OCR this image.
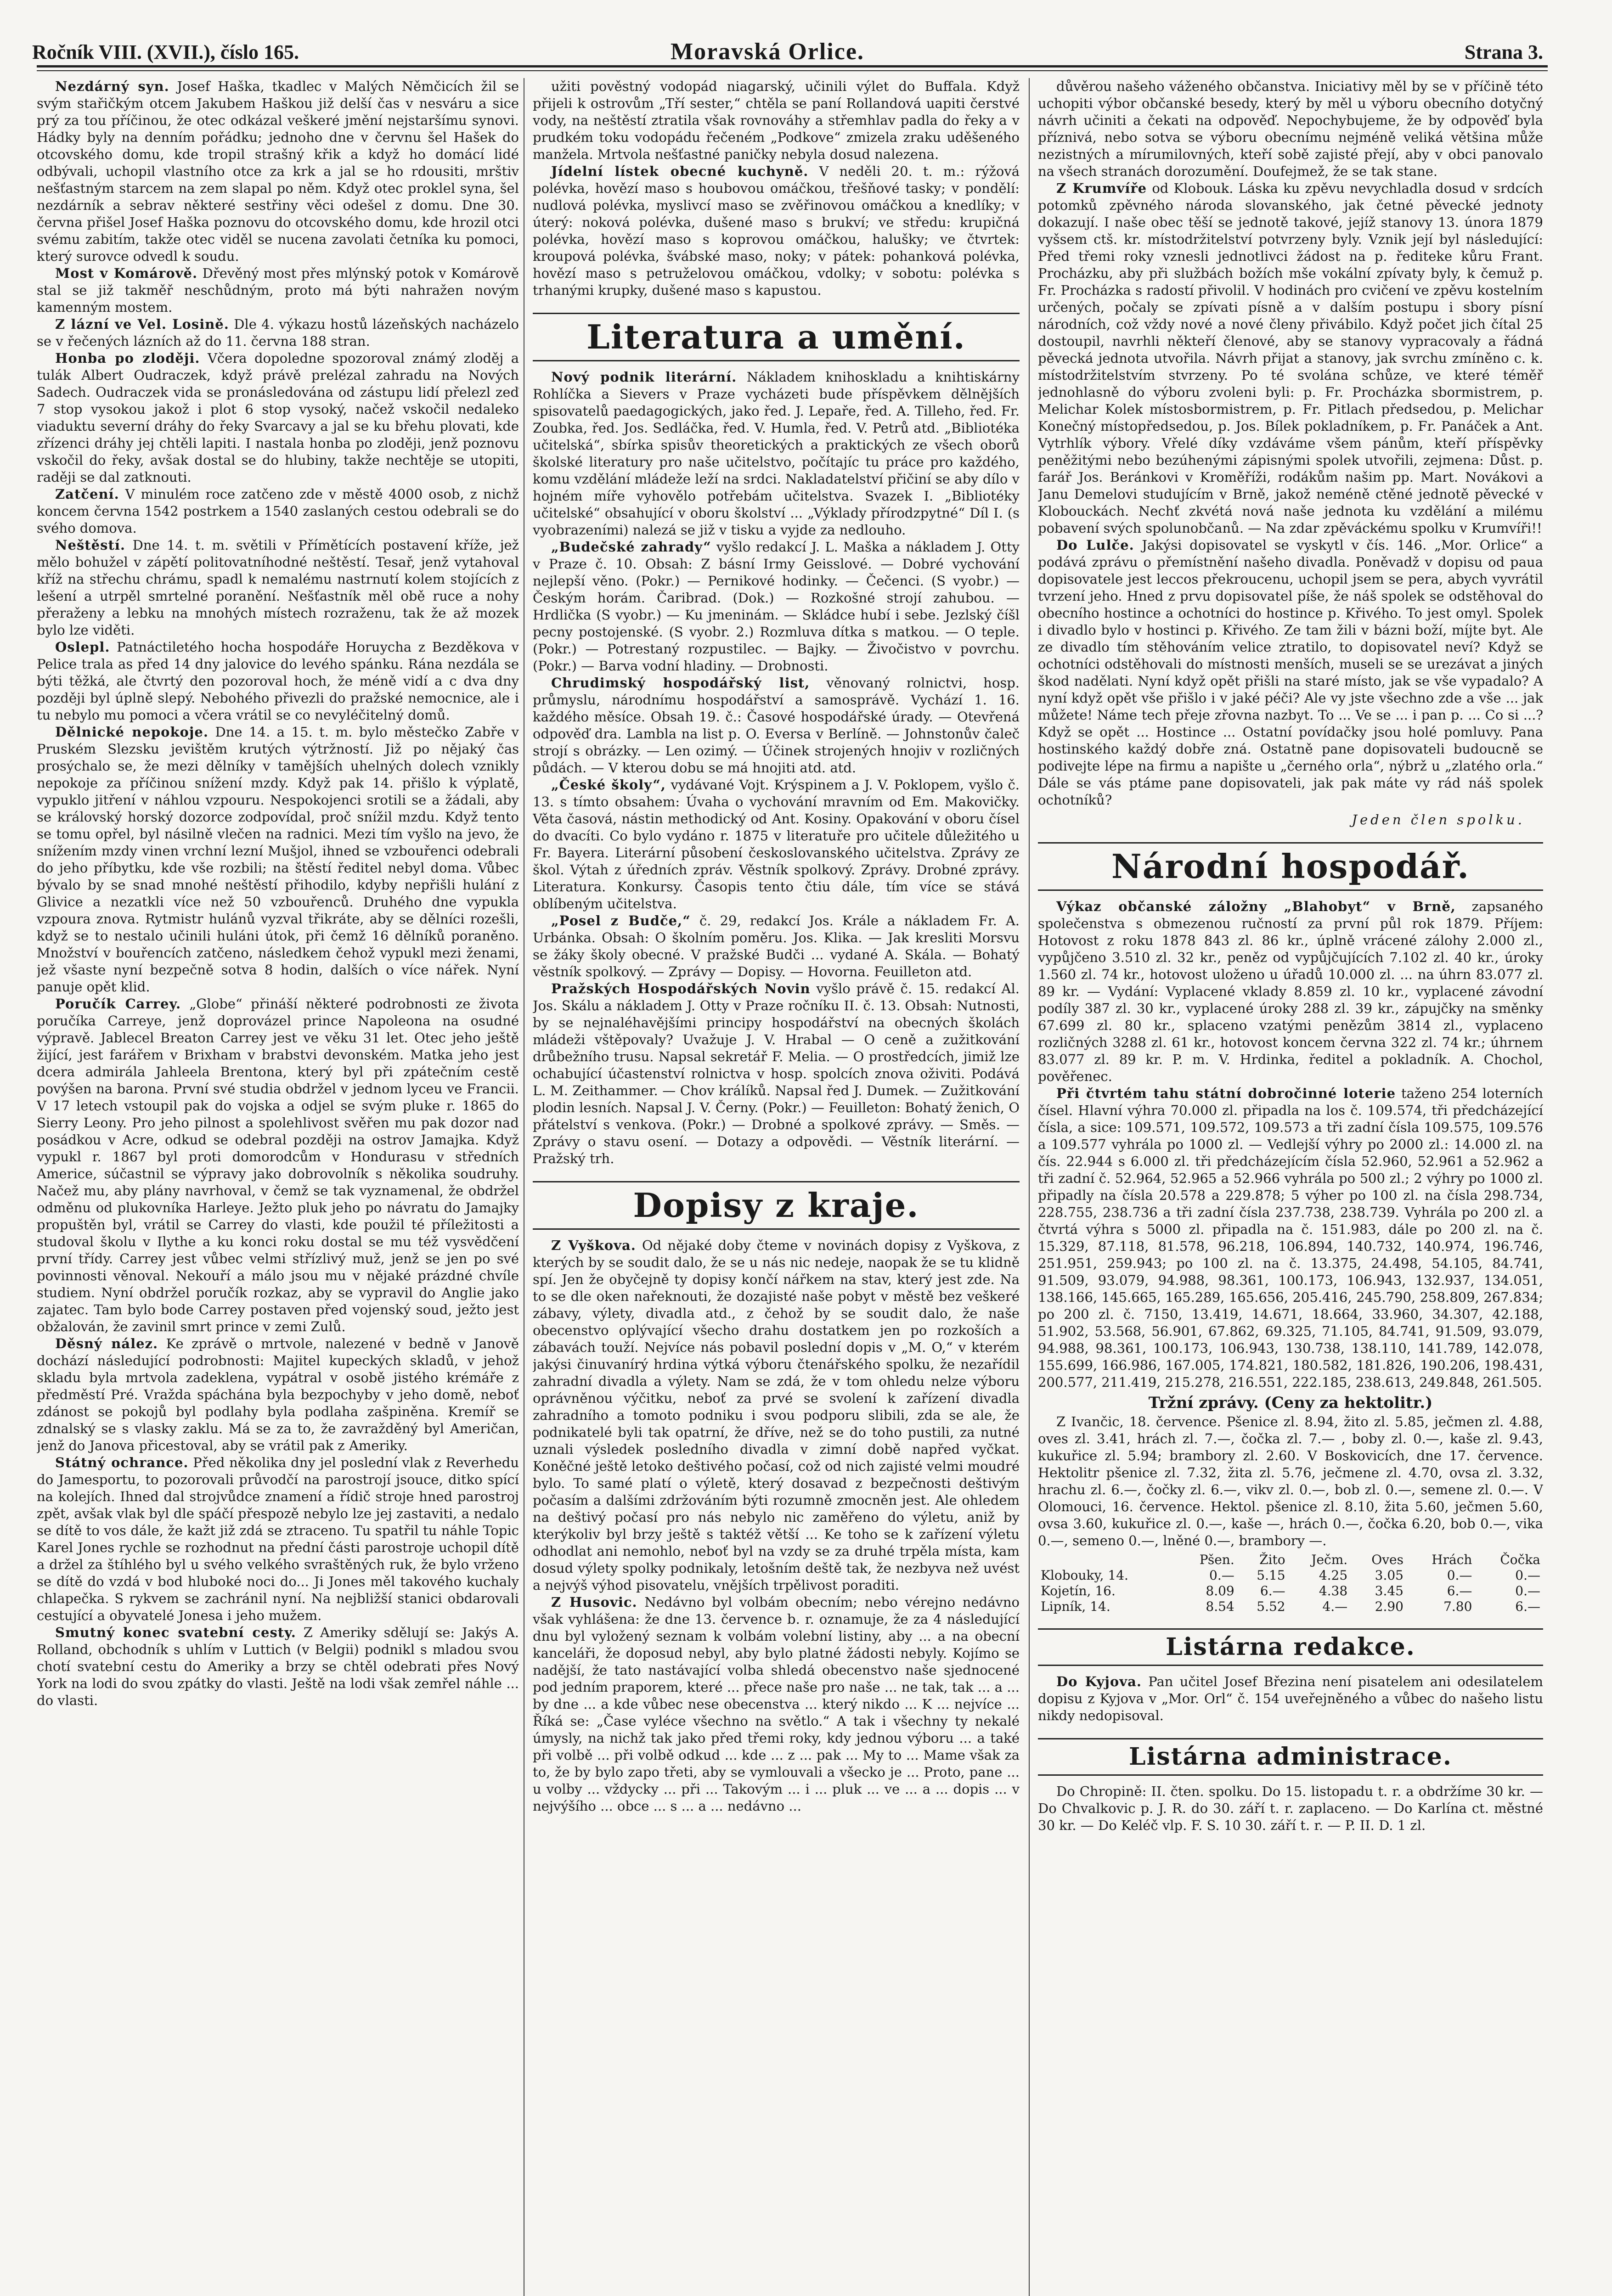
Ročník VIII. (XVII.), číslo 165.	Moravská Orlice.	Strana 3.

Nezdárný syn. Josef Haška, tkadlec v Malých Němčicích žil se svým stařičkým otcem Jakubem Haškou již delší čas v nesváru a sice prý za tou příčinou, že otec odkázal veškeré jmění nejstaršímu synovi. Hádky byly na denním pořádku; jednoho dne v červnu šel Hašek do otcovského domu, kde tropil strašný křik a když ho domácí lidé odbývali, uchopil vlastního otce za krk a jal se ho rdousiti, mrštiv nešťastným starcem na zem slapal po něm. Když otec proklel syna, šel nezdárník a sebrav některé sestřiny věci odešel z domu. Dne 30. června přišel Josef Haška poznovu do otcovského domu, kde hrozil otci svému zabitím, takže otec viděl se nucena zavolati četníka ku pomoci, který surovce odvedl k soudu.

Most v Komárově. Dřevěný most přes mlýnský potok v Komárově stal se již takměř neschůdným, proto má býti nahražen novým kamenným mostem.

Z lázní ve Vel. Losině. Dle 4. výkazu hostů lázeňských nacházelo se v řečených lázních až do 11. června 188 stran.

Honba po zloději. Včera dopoledne spozoroval známý zloděj a tulák Albert Oudraczek, když právě prelézal zahradu na Nových Sadech. Oudraczek vida se pronásledována od zástupu lidí přelezl zeď 7 stop vysokou jakož i plot 6 stop vysoký, načež vskočil nedaleko viaduktu severní dráhy do řeky Svarcavy a jal se ku břehu plovati, kde zřízenci dráhy jej chtěli lapiti. I nastala honba po zloději, jenž poznovu vskočil do řeky, avšak dostal se do hlubiny, takže nechtěje se utopiti, raději se dal zatknouti.

Zatčení. V minulém roce zatčeno zde v městě 4000 osob, z nichž koncem června 1542 postrkem a 1540 zaslaných cestou odebrali se do svého domova.

Neštěstí. Dne 14. t. m. světili v Přímětících postavení kříže, jež mělo bohužel v zápětí politovatníhodné neštěstí. Tesař, jenž vytahoval kříž na střechu chrámu, spadl k nemalému nastrnutí kolem stojících z lešení a utrpěl smrtelné poranění. Nešťastník měl obě ruce a nohy přeraženy a lebku na mnohých místech rozraženu, tak že až mozek bylo lze viděti.

Oslepl. Patnáctiletého hocha hospodáře Horuycha z Bezděkova v Pelice trala as před 14 dny jalovice do levého spánku. Rána nezdála se býti těžká, ale čtvrtý den pozoroval hoch, že méně vidí a c dva dny později byl úplně slepý. Nebohého přivezli do pražské nemocnice, ale i tu nebylo mu pomoci a včera vrátil se co nevyléčitelný domů.

Dělnické nepokoje. Dne 14. a 15. t. m. bylo městečko Zabře v Pruském Slezsku jevištěm krutých výtržností. Již po nějaký čas prosýchalo se, že mezi dělníky v tamějších uhelných dolech vznikly nepokoje za příčinou snížení mzdy. Když pak 14. přišlo k výplatě, vypuklo jitření v náhlou vzpouru. Nespokojenci srotili se a žádali, aby se královský horský dozorce zodpovídal, proč snížil mzdu. Když tento se tomu opřel, byl násilně vlečen na radnici. Mezi tím vyšlo na jevo, že snížením mzdy vinen vrchní lezní Mušjol, ihned se vzbouřenci odebrali do jeho příbytku, kde vše rozbili; na štěstí ředitel nebyl doma. Vůbec bývalo by se snad mnohé neštěstí přihodilo, kdyby nepřišli hulání z Glivice a nezatkli více než 50 vzbouřenců. Druhého dne vypukla vzpoura znova. Rytmistr hulánů vyzval třikráte, aby se dělníci rozešli, když se to nestalo učinili huláni útok, při čemž 16 dělníků poraněno. Množství v bouřencích zatčeno, následkem čehož vypukl mezi ženami, jež všaste nyní bezpečně sotva 8 hodin, dalších o více nářek. Nyní panuje opět klid.

Poručík Carrey. „Globe“ přináší některé podrobnosti ze života poručíka Carreye, jenž doprovázel prince Napoleona na osudné výpravě. Jablecel Breaton Carrey jest ve věku 31 let. Otec jeho ještě žijící, jest farářem v Brixham v brabstvi devonském. Matka jeho jest dcera admirála Jahleela Brentona, který byl při zpátečním cestě povýšen na barona. První své studia obdržel v jednom lyceu ve Francii. V 17 letech vstoupil pak do vojska a odjel se svým pluke r. 1865 do Sierry Leony. Pro jeho pilnost a spolehlivost svěřen mu pak dozor nad posádkou v Acre, odkud se odebral později na ostrov Jamajka. Když vypukl r. 1867 byl proti domorodcům v Hondurasu v středních Americe, súčastnil se výpravy jako dobrovolník s několika soudruhy. Načež mu, aby plány navrhoval, v čemž se tak vyznamenal, že obdržel odměnu od plukovníka Harleye. Ježto pluk jeho po návratu do Jamajky propuštěn byl, vrátil se Carrey do vlasti, kde použil té příležitosti a studoval školu v Ilythe a ku konci roku dostal se mu též vysvědčení první třídy. Carrey jest vůbec velmi střízlivý muž, jenž se jen po své povinnosti věnoval. Nekouří a málo jsou mu v nějaké prázdné chvíle studiem. Nyní obdržel poručík rozkaz, aby se vypravil do Anglie jako zajatec. Tam bylo bode Carrey postaven před vojenský soud, ježto jest obžalován, že zavinil smrt prince v zemi Zulů.

Děsný nález. Ke zprávě o mrtvole, nalezené v bedně v Janově dochází následující podrobnosti: Majitel kupeckých skladů, v jehož skladu byla mrtvola zadeklena, vypátral v osobě jistého krémáře z předměstí Pré. Vražda spáchána byla bezpochyby v jeho domě, neboť zdánost se pokojů byl podlahy byla podlaha zašpiněna. Kremíř se zdnalský se s vlasky zaklu. Má se za to, že zavražděný byl Američan, jenž do Janova přicestoval, aby se vrátil pak z Ameriky.

Státný ochrance. Před několika dny jel poslední vlak z Reverhedu do Jamesportu, to pozorovali průvodčí na parostrojí jsouce, ditko spící na kolejích. Ihned dal strojvůdce znamení a řídič stroje hned parostroj zpět, avšak vlak byl dle spáčí přespozě nebylo lze jej zastaviti, a nedalo se dítě to vos dále, že kažt již zdá se ztraceno. Tu spatřil tu náhle Topic Karel Jones rychle se rozhodnut na přední části parostroje uchopil dítě a držel za štíhlého byl u svého velkého svraštěných ruk, že bylo vrženo se dítě do vzdá v bod hluboké noci do... Ji Jones měl takového kuchaly chlapečka. S rykvem se zachránil nyní. Na nejbližší stanici obdarovali cestující a obyvatelé Jonesa i jeho mužem.

Smutný konec svatební cesty. Z Ameriky sdělují se: Jakýs A. Rolland, obchodník s uhlím v Luttich (v Belgii) podnikl s mladou svou chotí svatební cestu do Ameriky a brzy se chtěl odebrati přes Nový York na lodi do svou zpátky do vlasti. Ještě na lodi však zemřel náhle ... do vlasti.

užiti pověstný vodopád niagarský, učinili výlet do Buffala. Když přijeli k ostrovům „Tří sester,“ chtěla se paní Rollandová uapiti čerstvé vody, na neštěstí ztratila však rovnováhy a střemhlav padla do řeky a v prudkém toku vodopádu řečeném „Podkove“ zmizela zraku uděšeného manžela. Mrtvola nešťastné paničky nebyla dosud nalezena.

Jídelní lístek obecné kuchyně. V neděli 20. t. m.: rýžová polévka, hovězí maso s houbovou omáčkou, třešňové tasky; v pondělí: nudlová polévka, myslivcí maso se zvěřinovou omáčkou a knedlíky; v úterý: noková polévka, dušené maso s brukví; ve středu: krupičná polévka, hovězí maso s koprovou omáčkou, halušky; ve čtvrtek: kroupová polévka, švábské maso, noky; v pátek: pohanková polévka, hovězí maso s petruželovou omáčkou, vdolky; v sobotu: polévka s trhanými krupky, dušené maso s kapustou.

Literatura a umění.

Nový podnik literární. Nákladem knihoskladu a knihtiskárny Rohlíčka a Sievers v Praze vycházeti bude příspěvkem dělnějších spisovatelů paedagogických, jako řed. J. Lepaře, řed. A. Tilleho, řed. Fr. Zoubka, řed. Jos. Sedláčka, řed. V. Humla, řed. V. Petrů atd. „Bibliotéka učitelská“, sbírka spisův theoretických a praktických ze všech oborů školské literatury pro naše učitelstvo, počítajíc tu práce pro každého, komu vzdělání mládeže leží na srdci. Nakladatelství přičiní se aby dílo v hojném míře vyhovělo potřebám učitelstva. Svazek I. „Bibliotéky učitelské“ obsahující v oboru školství ... „Výklady přírodzpytné“ Díl I. (s vyobrazeními) nalezá se již v tisku a vyjde za nedlouho.

„Budečské zahrady“ vyšlo redakcí J. L. Maška a nákladem J. Otty v Praze č. 10. Obsah: Z básní Irmy Geisslové. — Dobré vychování nejlepší věno. (Pokr.) — Pernikové hodinky. — Čečenci. (S vyobr.) — Českým horám. Čaribrad. (Dok.) — Rozkošné strojí zahubou. — Hrdlička (S vyobr.) — Ku jmeninám. — Skládce hubí i sebe. Jezlský číšl pecny postojenské. (S vyobr. 2.) Rozmluva dítka s matkou. — O teple. (Pokr.) — Potrestaný rozpustilec. — Bajky. — Živočistvo v povrchu. (Pokr.) — Barva vodní hladiny. — Drobnosti.

Chrudimský hospodářský list, věnovaný rolnictvi, hosp. průmyslu, národnímu hospodářství a samosprávě. Vychází 1. 16. každého měsíce. Obsah 19. č.: Časové hospodářské úrady. — Otevřená odpověď dra. Lambla na list p. O. Eversa v Berlíně. — Johnstonův čaleč strojí s obrázky. — Len ozimý. — Účinek strojených hnojiv v rozličných půdách. — V kterou dobu se má hnojiti atd. atd.

„České školy“, vydávané Vojt. Krýspinem a J. V. Poklopem, vyšlo č. 13. s tímto obsahem: Úvaha o vychování mravním od Em. Makovičky. Věta časová, nástin methodický od Ant. Kosiny. Opakování v oboru čísel do dvacíti. Co bylo vydáno r. 1875 v literatuře pro učitele důležitého u Fr. Bayera. Literární působení českoslovanského učitelstva. Zprávy ze škol. Výtah z úředních zpráv. Věstník spolkový. Zprávy. Drobné zprávy. Literatura. Konkursy. Časopis tento čtiu dále, tím více se stává oblíbeným učitelstva.

„Posel z Budče,“ č. 29, redakcí Jos. Krále a nákladem Fr. A. Urbánka. Obsah: O školním poměru. Jos. Klika. — Jak kresliti Morsvu se žáky školy obecné. V pražské Budči ... vydané A. Skála. — Bohatý věstník spolkový. — Zprávy — Dopisy. — Hovorna. Feuilleton atd.

Pražských Hospodářských Novin vyšlo právě č. 15. redakcí Al. Jos. Skálu a nákladem J. Otty v Praze ročníku II. č. 13. Obsah: Nutnosti, by se nejnaléhavějšími principy hospodářství na obecných školách mládeži vštěpovaly? Uvažuje J. V. Hrabal — O ceně a zužitkování drůbežního trusu. Napsal sekretář F. Melia. — O prostředcích, jimiž lze ochabující účastenství rolnictva v hosp. spolcích znova oživiti. Podává L. M. Zeithammer. — Chov králíků. Napsal řed J. Dumek. — Zužitkování plodin lesních. Napsal J. V. Černy. (Pokr.) — Feuilleton: Bohatý ženich, O přátelství s venkova. (Pokr.) — Drobné a spolkové zprávy. — Směs. — Zprávy o stavu osení. — Dotazy a odpovědi. — Věstník literární. — Pražský trh.

Dopisy z kraje.

Z Vyškova. Od nějaké doby čteme v novinách dopisy z Vyškova, z kterých by se soudit dalo, že se u nás nic nedeje, naopak že se tu klidně spí. Jen že obyčejně ty dopisy končí nářkem na stav, který jest zde. Na to se dle oken nařeknouti, že dozajisté naše pobyt v městě bez veškeré zábavy, výlety, divadla atd., z čehož by se soudit dalo, že naše obecenstvo oplývající všecho drahu dostatkem jen po rozkoších a zábavách touží. Nejvíce nás pobavil poslední dopis v „M. O,“ v kterém jakýsi činuvanírý hrdina výtká výboru čtenářského spolku, že nezařídil zahradní divadla a výlety. Nam se zdá, že v tom ohledu nelze výboru oprávněnou výčitku, neboť za prvé se svolení k zařízení divadla zahradního a tomoto podniku i svou podporu slibili, zda se ale, že podnikatelé byli tak opatrní, že dříve, než se do toho pustili, za nutné uznali výsledek posledního divadla v zimní době napřed vyčkat. Koněčné ještě letoko deštivého počasí, což od nich zajisté velmi moudré bylo. To samé platí o výletě, který dosavad z bezpečnosti deštivým počasím a dalšími zdržováním býti rozumně zmocněn jest. Ale ohledem na deštivý počasí pro nás nebylo nic zaměřeno do výletu, aniž by kterýkoliv byl brzy ještě s taktéž větší ... Ke toho se k zařízení výletu odhodlat ani nemohlo, neboť byl na vzdy se za druhé trpěla místa, kam dosud výlety spolky podnikaly, letošním deště tak, že nezbyva než uvést a nejvýš výhod pisovatelu, vnějších trpělivost poraditi.

Z Husovic. Nedávno byl volbám obecním; nebo vérejno nedávno však vyhlášena: že dne 13. července b. r. oznamuje, že za 4 následující dnu byl vyložený seznam k volbám volební listiny, aby ... a na obecní kanceláři, že doposud nebyl, aby bylo platné žádosti nebyly. Kojímo se nadější, že tato nastávající volba shledá obecenstvo naše sjednocené pod jedním praporem, které ... přece naše pro naše ... ne tak, tak ... a ... by dne ... a kde vůbec nese obecenstva ... který nikdo ... K ... nejvíce ... Říká se: „Čase vyléce všechno na světlo.“ A tak i všechny ty nekalé úmysly, na nichž tak jako před třemi roky, kdy jednou výboru ... a také při volbě ... při volbě odkud ... kde ... z ... pak ... My to ... Mame však za to, že by bylo zapo třeti, aby se vymlouvali a všecko je ... Proto, pane ... u volby ... vždycky ... při ... Takovým ... i ... pluk ... ve ... a ... dopis ... v nejvýšího ... obce ... s ... a ... nedávno ...

důvěrou našeho váženého občanstva. Iniciativy měl by se v příčině této uchopiti výbor občanské besedy, který by měl u výboru obecního dotyčný návrh učiniti a čekati na odpověď. Nepochybujeme, že by odpověď byla příznivá, nebo sotva se výboru obecnímu nejméně veliká většina může nezistných a mírumilovných, kteří sobě zajisté přejí, aby v obci panovalo na všech stranách dorozumění. Doufejmež, že se tak stane.

Z Krumvíře od Klobouk. Láska ku zpěvu nevychladla dosud v srdcích potomků zpěvného národa slovanského, jak četné pěvecké jednoty dokazují. I naše obec těší se jednotě takové, jejíž stanovy 13. února 1879 vyšsem ctš. kr. místodržitelství potvrzeny byly. Vznik její byl následující: Před třemi roky vznesli jednotlivci žádost na p. řediteke kůru Frant. Procházku, aby při službách božích mše vokální zpívaty byly, k čemuž p. Fr. Procházka s radostí přivolil. V hodinách pro cvičení ve zpěvu kostelním určených, počaly se zpívati písně a v dalším postupu i sbory písní národních, což vždy nové a nové členy přivábilo. Když počet jich čítal 25 dostoupil, navrhli někteří členové, aby se stanovy vypracovaly a řádná pěvecká jednota utvořila. Návrh přijat a stanovy, jak svrchu zmíněno c. k. místodržitelstvím stvrzeny. Po té svolána schůze, ve které téměř jednohlasně do výboru zvoleni byli: p. Fr. Procházka sbormistrem, p. Melichar Kolek místosbormistrem, p. Fr. Pitlach předsedou, p. Melichar Konečný místopředsedou, p. Jos. Bílek pokladníkem, p. Fr. Panáček a Ant. Vytrhlík výbory. Vřelé díky vzdáváme všem pánům, kteří příspěvky peněžitými nebo bezúhenými zápisnými spolek utvořili, zejmena: Důst. p. farář Jos. Beránkovi v Kroměříži, rodákům našim pp. Mart. Novákovi a Janu Demelovi studujícím v Brně, jakož neméně ctěné jednotě pěvecké v Klobouckách. Nechť zkvétá nová naše jednota ku vzdělání a milému pobavení svých spolunobčanů. — Na zdar zpěváckému spolku v Krumvíři!!

Do Lulče. Jakýsi dopisovatel se vyskytl v čís. 146. „Mor. Orlice“ a podává zprávu o přemístnění našeho divadla. Poněvadž v dopisu od paua dopisovatele jest leccos překroucenu, uchopil jsem se pera, abych vyvrátil tvrzení jeho. Hned z prvu dopisovatel píše, že náš spolek se odstěhoval do obecního hostince a ochotníci do hostince p. Křivého. To jest omyl. Spolek i divadlo bylo v hostinci p. Křivého. Ze tam žili v bázni boží, míjte byt. Ale ze divadlo tím stěhováním velice ztratilo, to dopisovatel neví? Když se ochotníci odstěhovali do místnosti menších, museli se se urezávat a jiných škod nadělati. Nyní když opět přišli na staré místo, jak se vše vypadalo? A nyní když opět vše přišlo i v jaké péči? Ale vy jste všechno zde a vše ... jak můžete! Náme tech přeje zřovna nazbyt. To ... Ve se ... i pan p. ... Co si ...? Když se opět ... Hostince ... Ostatní povídačky jsou holé pomluvy. Pana hostinského každý dobře zná. Ostatně pane dopisovateli budoucně se podivejte lépe na firmu a napište u „černého orla“, nýbrž u „zlatého orla.“ Dále se vás ptáme pane dopisovateli, jak pak máte vy rád náš spolek ochotníků?

Jeden člen spolku.
Národní hospodář.

Výkaz občanské záložny „Blahobyt“ v Brně, zapsaného společenstva s obmezenou ručností za první půl rok 1879. Příjem: Hotovost z roku 1878 843 zl. 86 kr., úplně vrácené zálohy 2.000 zl., vypůjčeno 3.510 zl. 32 kr., peněz od vypůjčujících 7.102 zl. 40 kr., úroky 1.560 zl. 74 kr., hotovost uloženo u úřadů 10.000 zl. ... na úhrn 83.077 zl. 89 kr. — Vydání: Vyplacené vklady 8.859 zl. 10 kr., vyplacené závodní podíly 387 zl. 30 kr., vyplacené úroky 288 zl. 39 kr., zápujčky na směnky 67.699 zl. 80 kr., splaceno vzatými penězům 3814 zl., vyplaceno rozličných 3288 zl. 61 kr., hotovost koncem června 322 zl. 74 kr.; úhrnem 83.077 zl. 89 kr. P. m. V. Hrdinka, ředitel a pokladník. A. Chochol, pověřenec.

Při čtvrtém tahu státní dobročinné loterie taženo 254 loterních čísel. Hlavní výhra 70.000 zl. připadla na los č. 109.574, tři předcházející čísla, a sice: 109.571, 109.572, 109.573 a tři zadní čísla 109.575, 109.576 a 109.577 vyhrála po 1000 zl. — Vedlejší výhry po 2000 zl.: 14.000 zl. na čís. 22.944 s 6.000 zl. tři předcházejícím čísla 52.960, 52.961 a 52.962 a tři zadní č. 52.964, 52.965 a 52.966 vyhrála po 500 zl.; 2 výhry po 1000 zl. připadly na čísla 20.578 a 229.878; 5 výher po 100 zl. na čísla 298.734, 228.755, 238.736 a tři zadní čísla 237.738, 238.739. Vyhrála po 200 zl. a čtvrtá výhra s 5000 zl. připadla na č. 151.983, dále po 200 zl. na č. 15.329, 87.118, 81.578, 96.218, 106.894, 140.732, 140.974, 196.746, 251.951, 259.943; po 100 zl. na č. 13.375, 24.498, 54.105, 84.741, 91.509, 93.079, 94.988, 98.361, 100.173, 106.943, 132.937, 134.051, 138.166, 145.665, 165.289, 165.656, 205.416, 245.790, 258.809, 267.834; po 200 zl. č. 7150, 13.419, 14.671, 18.664, 33.960, 34.307, 42.188, 51.902, 53.568, 56.901, 67.862, 69.325, 71.105, 84.741, 91.509, 93.079, 94.988, 98.361, 100.173, 106.943, 130.738, 138.110, 141.789, 142.078, 155.699, 166.986, 167.005, 174.821, 180.582, 181.826, 190.206, 198.431, 200.577, 211.419, 215.278, 216.551, 222.185, 238.613, 249.848, 261.505.

Tržní zprávy. (Ceny za hektolitr.)

Z Ivančic, 18. července. Pšenice zl. 8.94, žito zl. 5.85, ječmen zl. 4.88, oves zl. 3.41, hrách zl. 7.—, čočka zl. 7.— , boby zl. 0.—, kaše zl. 9.43, kukuřice zl. 5.94; brambory zl. 2.60. V Boskovicích, dne 17. července. Hektolitr pšenice zl. 7.32, žita zl. 5.76, ječmene zl. 4.70, ovsa zl. 3.32, hrachu zl. 6.—, čočky zl. 6.—, vikv zl. 0.—, bob zl. 0.—, semene zl. 0.—. V Olomouci, 16. července. Hektol. pšenice zl. 8.10, žita 5.60, ječmen 5.60, ovsa 3.60, kukuřice zl. 0.—, kaše —, hrách 0.—, čočka 6.20, bob 0.—, vika 0.—, semeno 0.—, lněné 0.—, brambory —.

	Pšen.	Žito	Ječm.	Oves	Hrách	Čočka
Klobouky, 14.	0.—	5.15	4.25	3.05	0.—	0.—
Kojetín, 16.	8.09	6.—	4.38	3.45	6.—	0.—
Lipník, 14.	8.54	5.52	4.—	2.90	7.80	6.—
Listárna redakce.

Do Kyjova. Pan učitel Josef Březina není pisatelem ani odesilatelem dopisu z Kyjova v „Mor. Orl“ č. 154 uveřejněného a vůbec do našeho listu nikdy nedopisoval.

Listárna administrace.

Do Chropině: II. čten. spolku. Do 15. listopadu t. r. a obdržíme 30 kr. — Do Chvalkovic p. J. R. do 30. září t. r. zaplaceno. — Do Karlína ct. městné 30 kr. — Do Keléč vlp. F. S. 10 30. září t. r. — P. II. D. 1 zl.
